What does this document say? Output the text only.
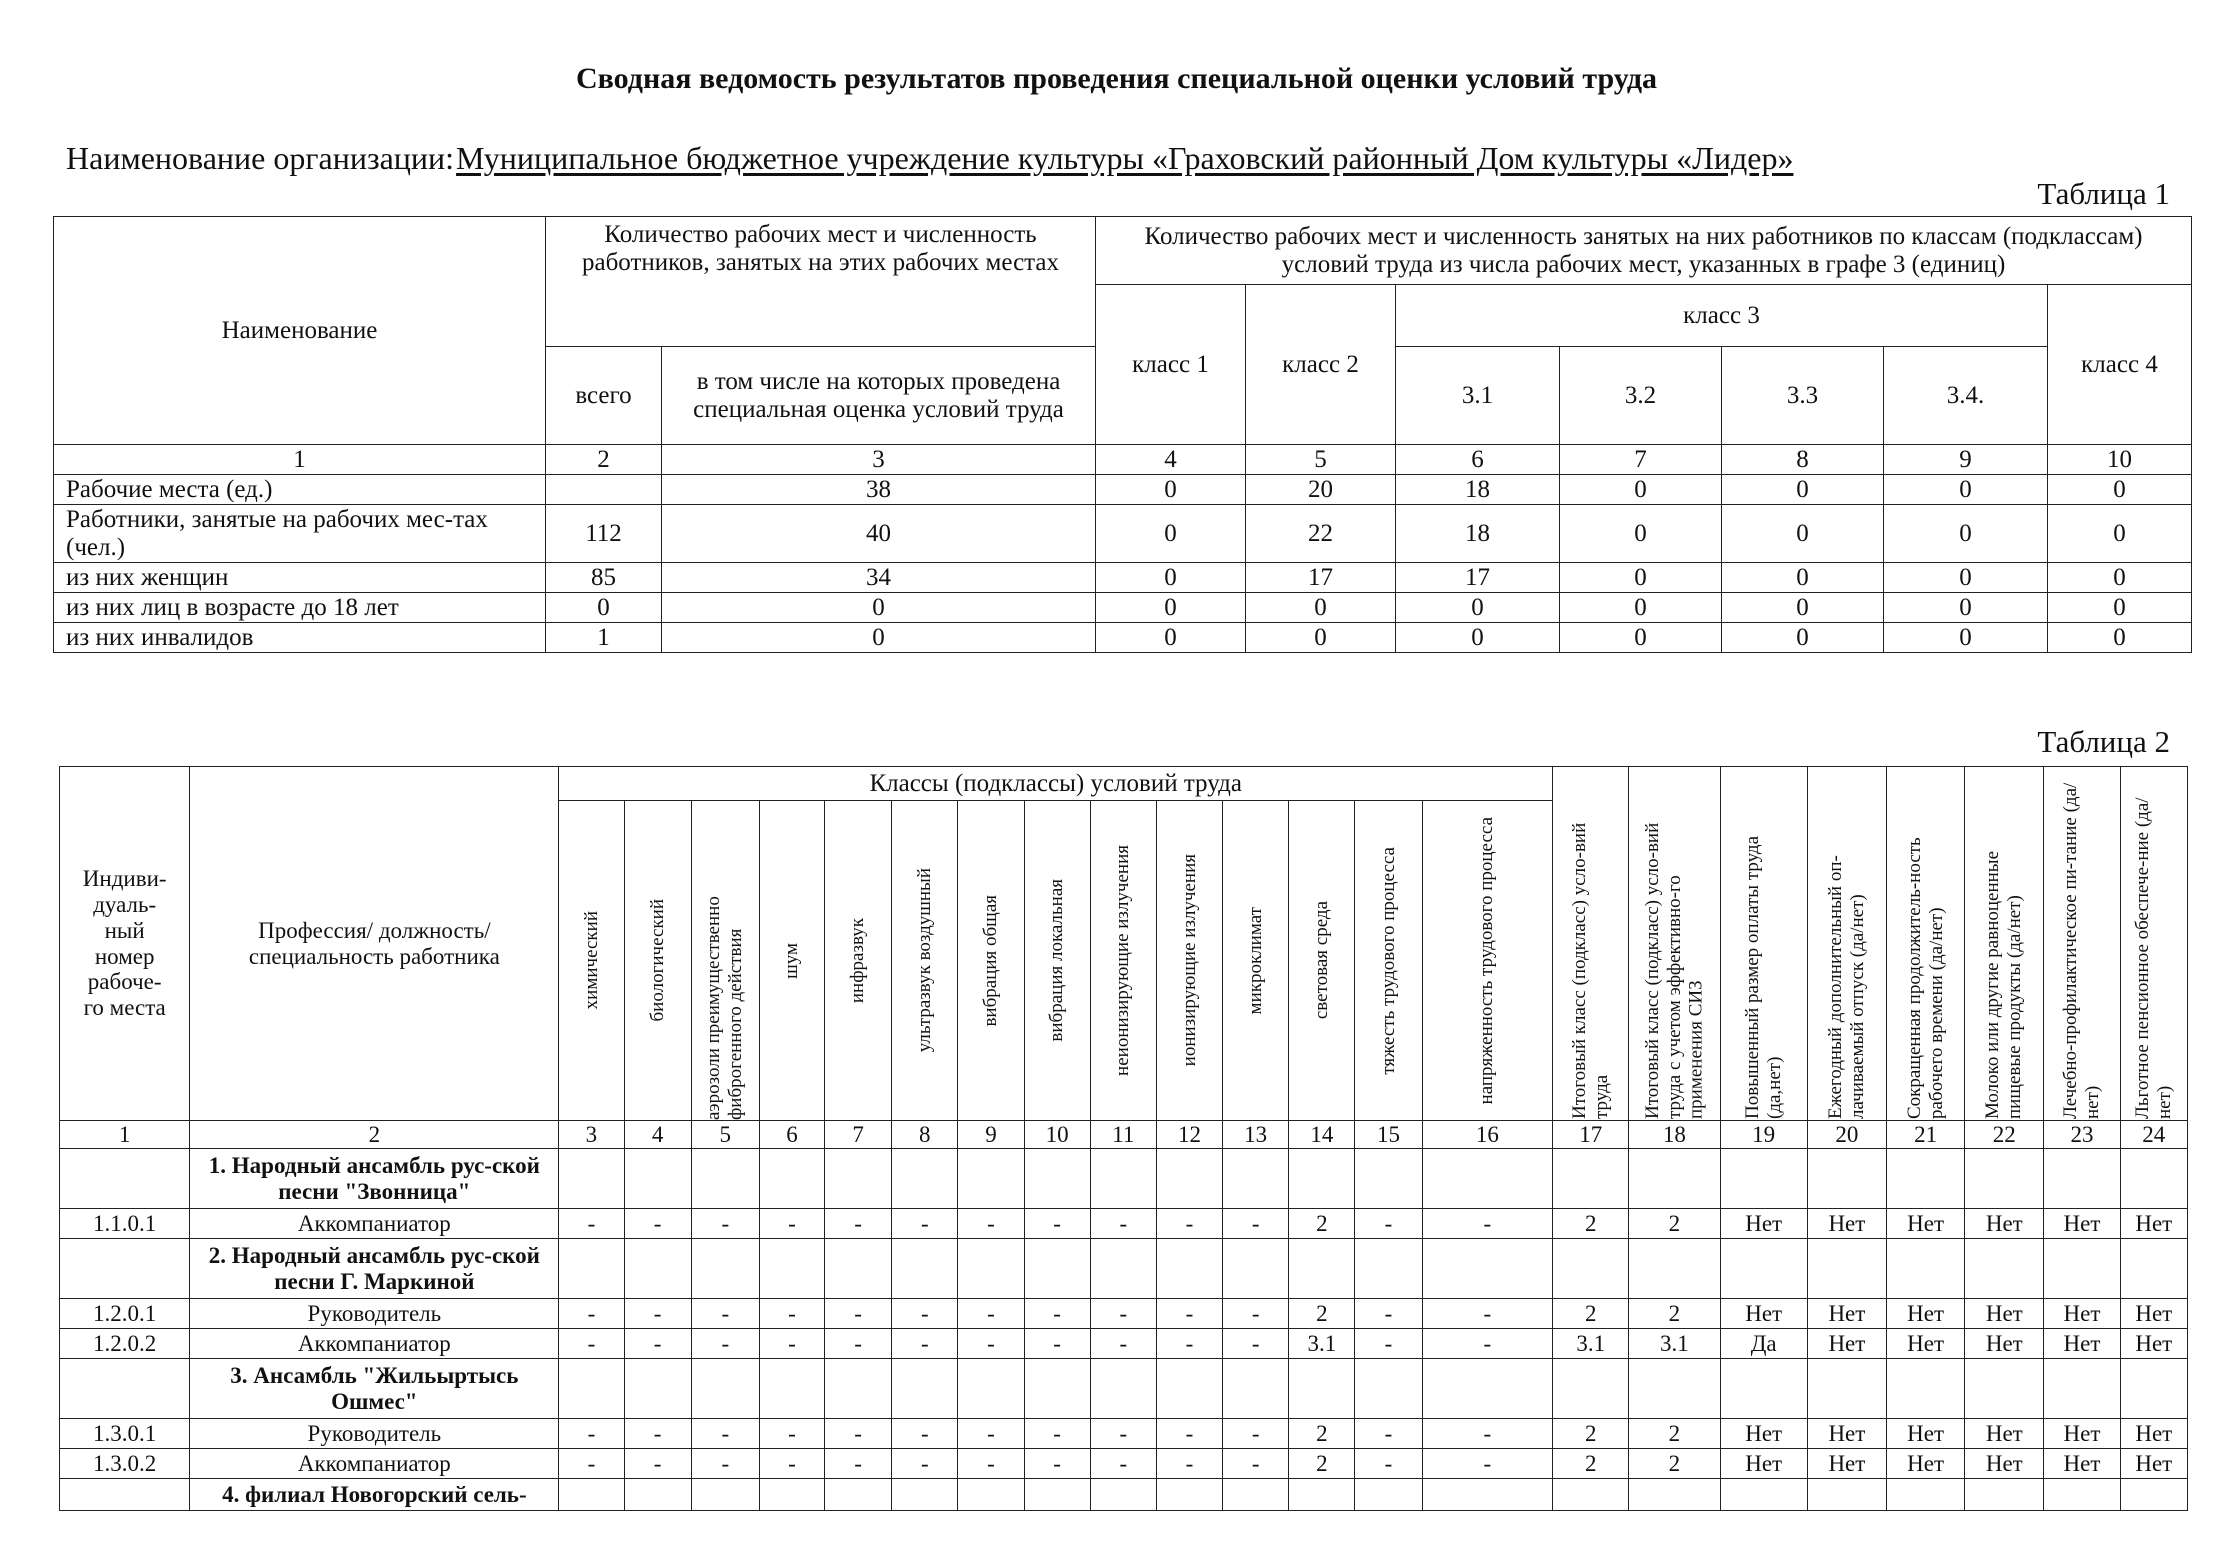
Сводная ведомость результатов проведения специальной оценки условий труда
Наименование организации:Муниципальное бюджетное учреждение культуры «Граховский районный Дом культуры «Лидер»
Таблица 1
Наименование	Количество рабочих мест и численность работников, занятых на этих рабочих местах		Количество рабочих мест и численность занятых на них работников по классам (подклассам) условий труда из числа рабочих мест, указанных в графе 3 (единиц)						
			класс 1	класс 2	класс 3				класс 4
	всего	в том числе на которых проведена специальная оценка условий труда			3.1	3.2	3.3	3.4.	
1	2	3	4	5	6	7	8	9	10
Рабочие места (ед.)		38	0	20	18	0	0	0	0
Работники, занятые на рабочих мес-тах (чел.)	112	40	0	22	18	0	0	0	0
из них женщин	85	34	0	17	17	0	0	0	0
из них лиц в возрасте до 18 лет	0	0	0	0	0	0	0	0	0
из них инвалидов	1	0	0	0	0	0	0	0	0
Таблица 2
Индиви-дуаль-ный номер рабоче-го места	Профессия/ должность/ специальность работника	Классы (подклассы) условий труда														Итоговый класс (подкласс) усло-вий труда	Итоговый класс (подкласс) усло-вий труда с учетом эффективно-го применения СИЗ	Повышенный размер оплаты труда (да,нет)	Ежегодный дополнительный оп-лачиваемый отпуск (да/нет)	Сокращенная продолжитель-ность рабочего времени (да/нет)	Молоко или другие равноценные пищевые продукты (да/нет)	Лечебно-профилактическое пи-тание (да/нет)	Льготное пенсионное обеспече-ние (да/нет)

		химический	биологический	аэрозоли преимущественно фиброгенного действия	шум	инфразвук	ультразвук воздушный	вибрация общая	вибрация локальная	неионизирующие излучения	ионизирующие излучения	микроклимат	световая среда	тяжесть трудового процесса	напряженность трудового процесса								

1	2	3	4	5	6	7	8	9	10	11	12	13	14	15	16	17	18	19	20	21	22	23	24
	1. Народный ансамбль рус-ской песни "Звонница"																						
1.1.0.1	Аккомпаниатор	-	-	-	-	-	-	-	-	-	-	-	2	-	-	2	2	Нет	Нет	Нет	Нет	Нет	Нет
	2. Народный ансамбль рус-ской песни Г. Маркиной																						
1.2.0.1	Руководитель	-	-	-	-	-	-	-	-	-	-	-	2	-	-	2	2	Нет	Нет	Нет	Нет	Нет	Нет
1.2.0.2	Аккомпаниатор	-	-	-	-	-	-	-	-	-	-	-	3.1	-	-	3.1	3.1	Да	Нет	Нет	Нет	Нет	Нет
	3. Ансамбль "Жильыртысь Ошмес"																						
1.3.0.1	Руководитель	-	-	-	-	-	-	-	-	-	-	-	2	-	-	2	2	Нет	Нет	Нет	Нет	Нет	Нет
1.3.0.2	Аккомпаниатор	-	-	-	-	-	-	-	-	-	-	-	2	-	-	2	2	Нет	Нет	Нет	Нет	Нет	Нет
	4. филиал Новогорский сель-																						
